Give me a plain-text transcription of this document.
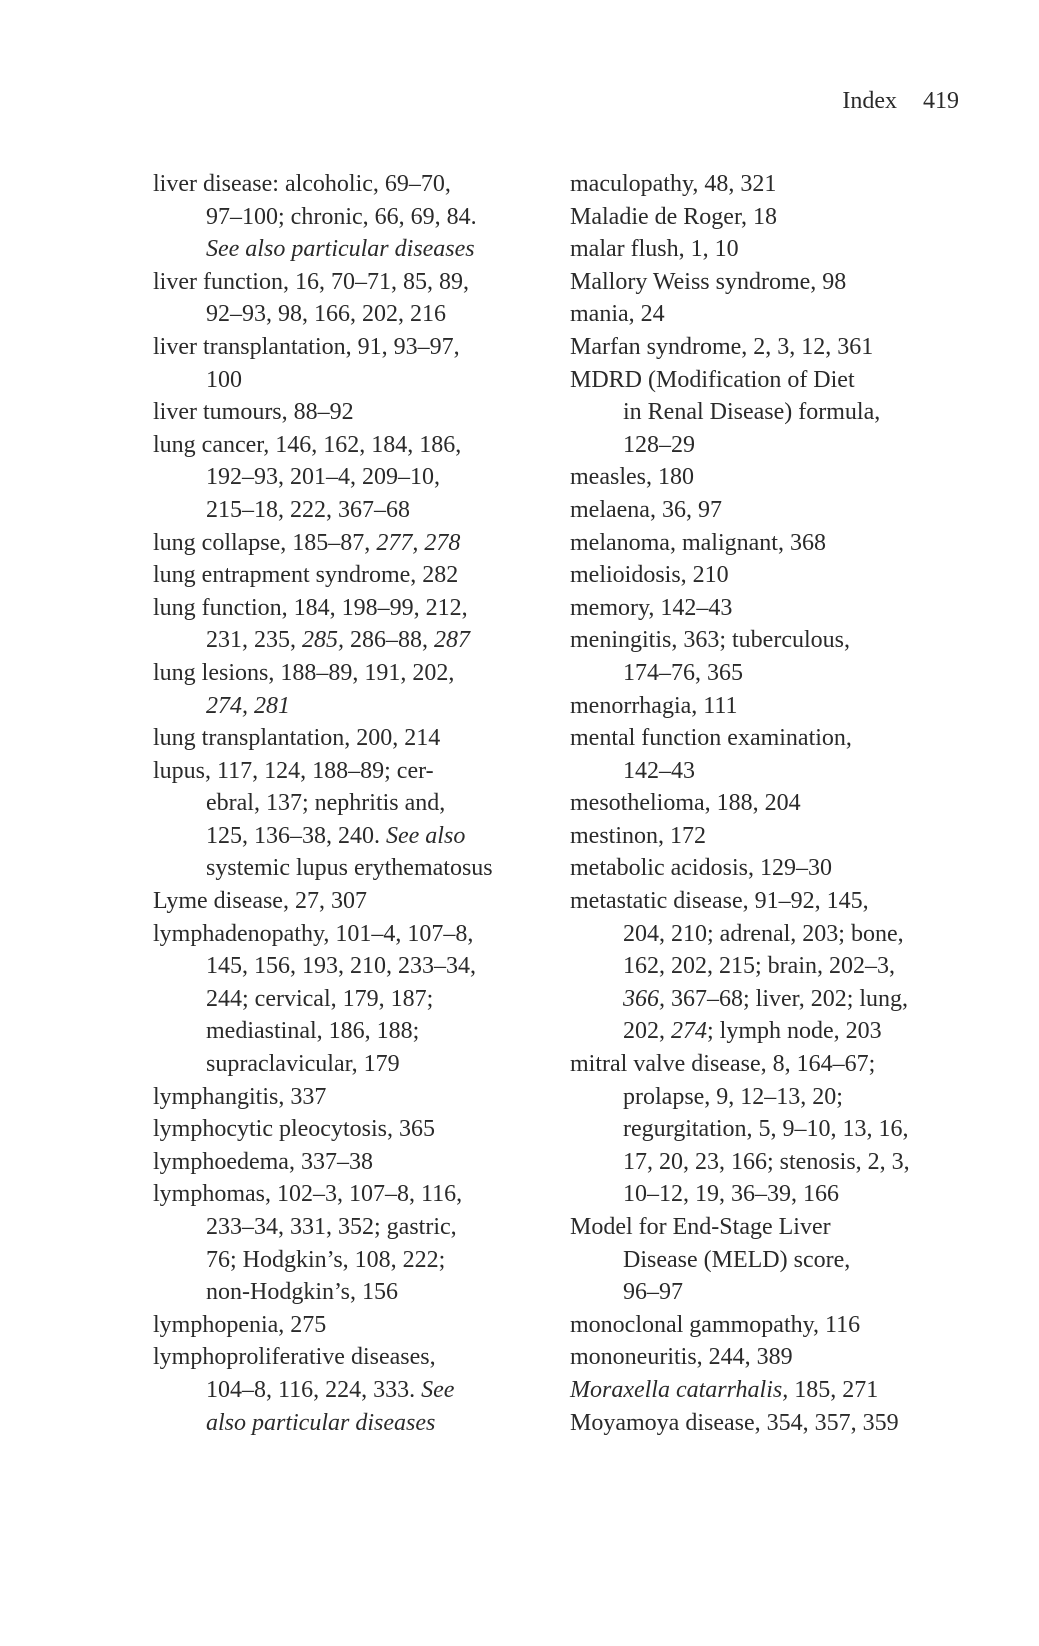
Index 419
liver disease: alcoholic, 69–70,
97–100; chronic, 66, 69, 84.
See also particular diseases
liver function, 16, 70–71, 85, 89,
92–93, 98, 166, 202, 216
liver transplantation, 91, 93–97,
100
liver tumours, 88–92
lung cancer, 146, 162, 184, 186,
192–93, 201–4, 209–10,
215–18, 222, 367–68
lung collapse, 185–87, 277, 278
lung entrapment syndrome, 282
lung function, 184, 198–99, 212,
231, 235, 285, 286–88, 287
lung lesions, 188–89, 191, 202,
274, 281
lung transplantation, 200, 214
lupus, 117, 124, 188–89; cer-
ebral, 137; nephritis and,
125, 136–38, 240. See also
systemic lupus erythematosus
Lyme disease, 27, 307
lymphadenopathy, 101–4, 107–8,
145, 156, 193, 210, 233–34,
244; cervical, 179, 187;
mediastinal, 186, 188;
supraclavicular, 179
lymphangitis, 337
lymphocytic pleocytosis, 365
lymphoedema, 337–38
lymphomas, 102–3, 107–8, 116,
233–34, 331, 352; gastric,
76; Hodgkin’s, 108, 222;
non-Hodgkin’s, 156
lymphopenia, 275
lymphoproliferative diseases,
104–8, 116, 224, 333. See
also particular diseases
maculopathy, 48, 321
Maladie de Roger, 18
malar flush, 1, 10
Mallory Weiss syndrome, 98
mania, 24
Marfan syndrome, 2, 3, 12, 361
MDRD (Modification of Diet
in Renal Disease) formula,
128–29
measles, 180
melaena, 36, 97
melanoma, malignant, 368
melioidosis, 210
memory, 142–43
meningitis, 363; tuberculous,
174–76, 365
menorrhagia, 111
mental function examination,
142–43
mesothelioma, 188, 204
mestinon, 172
metabolic acidosis, 129–30
metastatic disease, 91–92, 145,
204, 210; adrenal, 203; bone,
162, 202, 215; brain, 202–3,
366, 367–68; liver, 202; lung,
202, 274; lymph node, 203
mitral valve disease, 8, 164–67;
prolapse, 9, 12–13, 20;
regurgitation, 5, 9–10, 13, 16,
17, 20, 23, 166; stenosis, 2, 3,
10–12, 19, 36–39, 166
Model for End-Stage Liver
Disease (MELD) score,
96–97
monoclonal gammopathy, 116
mononeuritis, 244, 389
Moraxella catarrhalis, 185, 271
Moyamoya disease, 354, 357, 359
